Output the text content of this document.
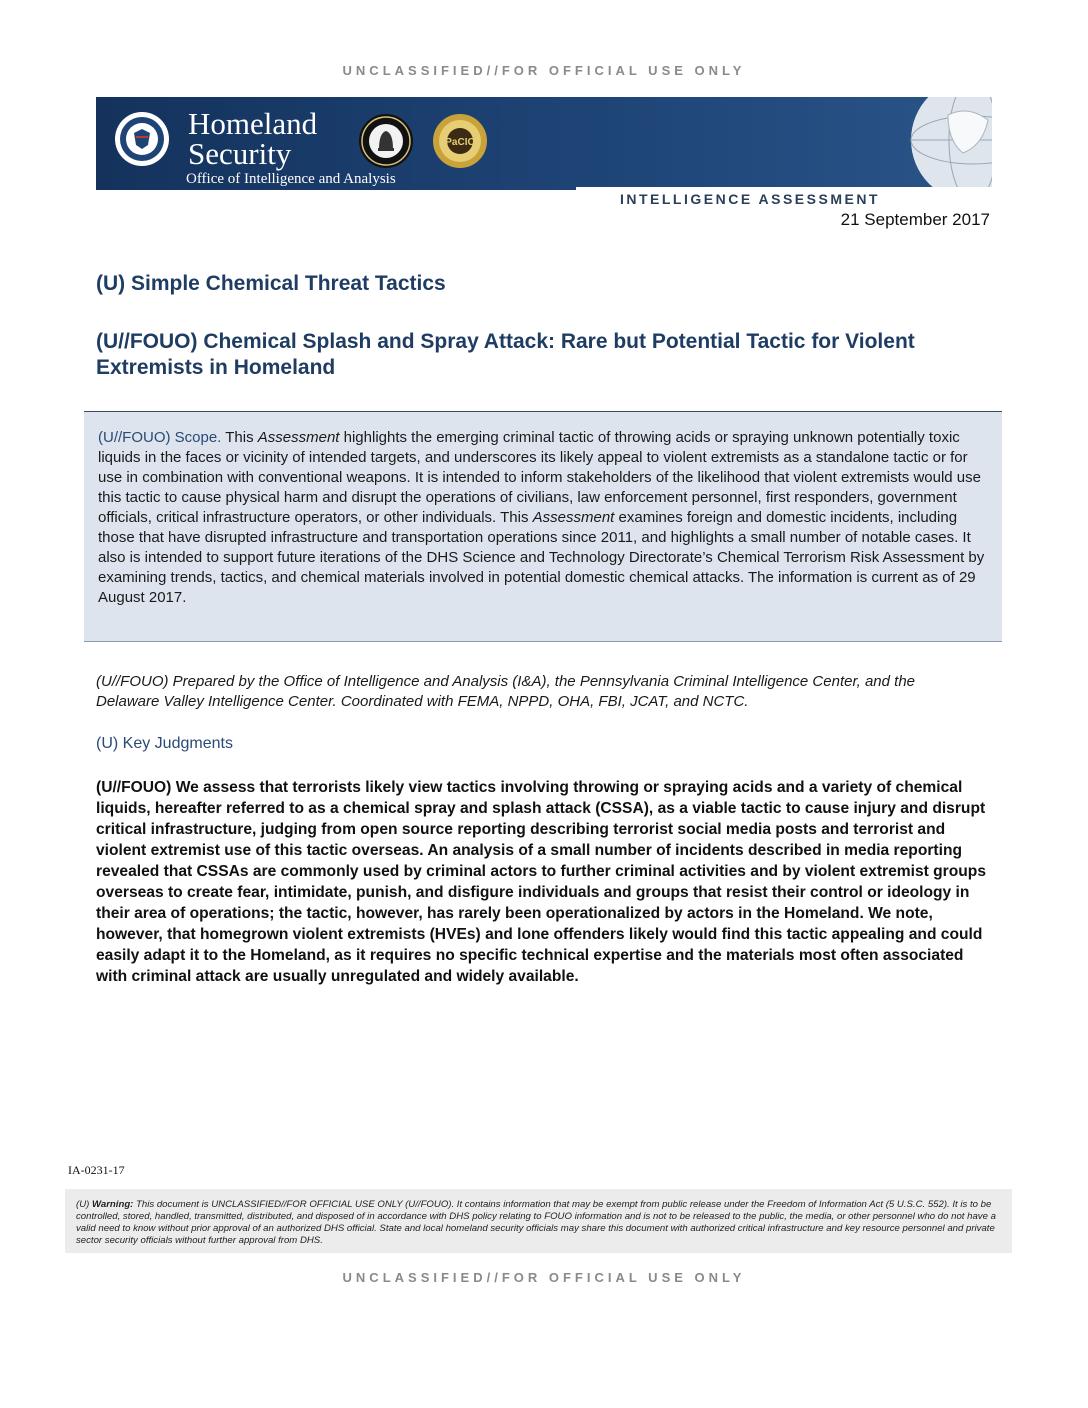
UNCLASSIFIED//FOR OFFICIAL USE ONLY
Homeland
Security
Office of Intelligence and Analysis
PaCIC
INTELLIGENCE ASSESSMENT
21 September 2017
(U) Simple Chemical Threat Tactics
(U//FOUO) Chemical Splash and Spray Attack: Rare but Potential Tactic for Violent Extremists in Homeland
(U//FOUO) Scope. This Assessment highlights the emerging criminal tactic of throwing acids or spraying unknown potentially toxic liquids in the faces or vicinity of intended targets, and underscores its likely appeal to violent extremists as a standalone tactic or for use in combination with conventional weapons. It is intended to inform stakeholders of the likelihood that violent extremists would use this tactic to cause physical harm and disrupt the operations of civilians, law enforcement personnel, first responders, government officials, critical infrastructure operators, or other individuals. This Assessment examines foreign and domestic incidents, including those that have disrupted infrastructure and transportation operations since 2011, and highlights a small number of notable cases. It also is intended to support future iterations of the DHS Science and Technology Directorate’s Chemical Terrorism Risk Assessment by examining trends, tactics, and chemical materials involved in potential domestic chemical attacks. The information is current as of 29 August 2017.
(U//FOUO) Prepared by the Office of Intelligence and Analysis (I&A), the Pennsylvania Criminal Intelligence Center, and the Delaware Valley Intelligence Center. Coordinated with FEMA, NPPD, OHA, FBI, JCAT, and NCTC.
(U) Key Judgments
(U//FOUO) We assess that terrorists likely view tactics involving throwing or spraying acids and a variety of chemical liquids, hereafter referred to as a chemical spray and splash attack (CSSA), as a viable tactic to cause injury and disrupt critical infrastructure, judging from open source reporting describing terrorist social media posts and terrorist and violent extremist use of this tactic overseas. An analysis of a small number of incidents described in media reporting revealed that CSSAs are commonly used by criminal actors to further criminal activities and by violent extremist groups overseas to create fear, intimidate, punish, and disfigure individuals and groups that resist their control or ideology in their area of operations; the tactic, however, has rarely been operationalized by actors in the Homeland. We note, however, that homegrown violent extremists (HVEs) and lone offenders likely would find this tactic appealing and could easily adapt it to the Homeland, as it requires no specific technical expertise and the materials most often associated with criminal attack are usually unregulated and widely available.
IA-0231-17
(U) Warning: This document is UNCLASSIFIED//FOR OFFICIAL USE ONLY (U//FOUO). It contains information that may be exempt from public release under the Freedom of Information Act (5 U.S.C. 552). It is to be controlled, stored, handled, transmitted, distributed, and disposed of in accordance with DHS policy relating to FOUO information and is not to be released to the public, the media, or other personnel who do not have a valid need to know without prior approval of an authorized DHS official. State and local homeland security officials may share this document with authorized critical infrastructure and key resource personnel and private sector security officials without further approval from DHS.
UNCLASSIFIED//FOR OFFICIAL USE ONLY
